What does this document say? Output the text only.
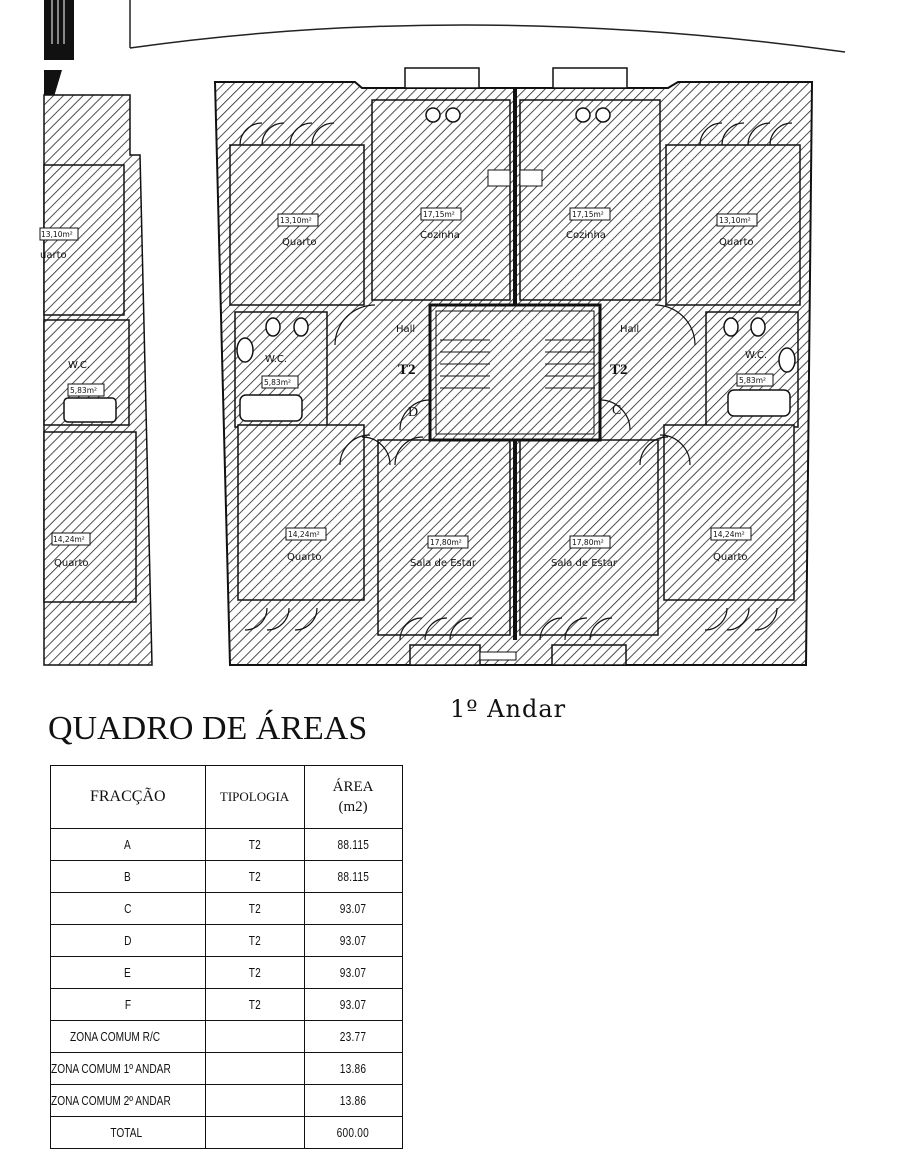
13,10m²
uarto
W.C.
5,83m²
14,24m²
Quarto
13,10m²
Quarto
17,15m²
Cozinha
W.C.
5,83m²
Hall
T2
D
14,24m²
Quarto
17,80m²
Sala de Estar
17,15m²
Cozinha
13,10m²
Quarto
Hall
T2
C
W.C.
5,83m²
17,80m²
Sala de Estar
14,24m²
Quarto
1º Andar
QUADRO DE ÁREAS
FRACÇÃO	TIPOLOGIA	ÁREA
(m2)
A	T2	88.115
B	T2	88.115
C	T2	93.07
D	T2	93.07
E	T2	93.07
F	T2	93.07
ZONA COMUM R/C		23.77
ZONA COMUM 1º ANDAR		13.86
ZONA COMUM 2º ANDAR		13.86
TOTAL		600.00
